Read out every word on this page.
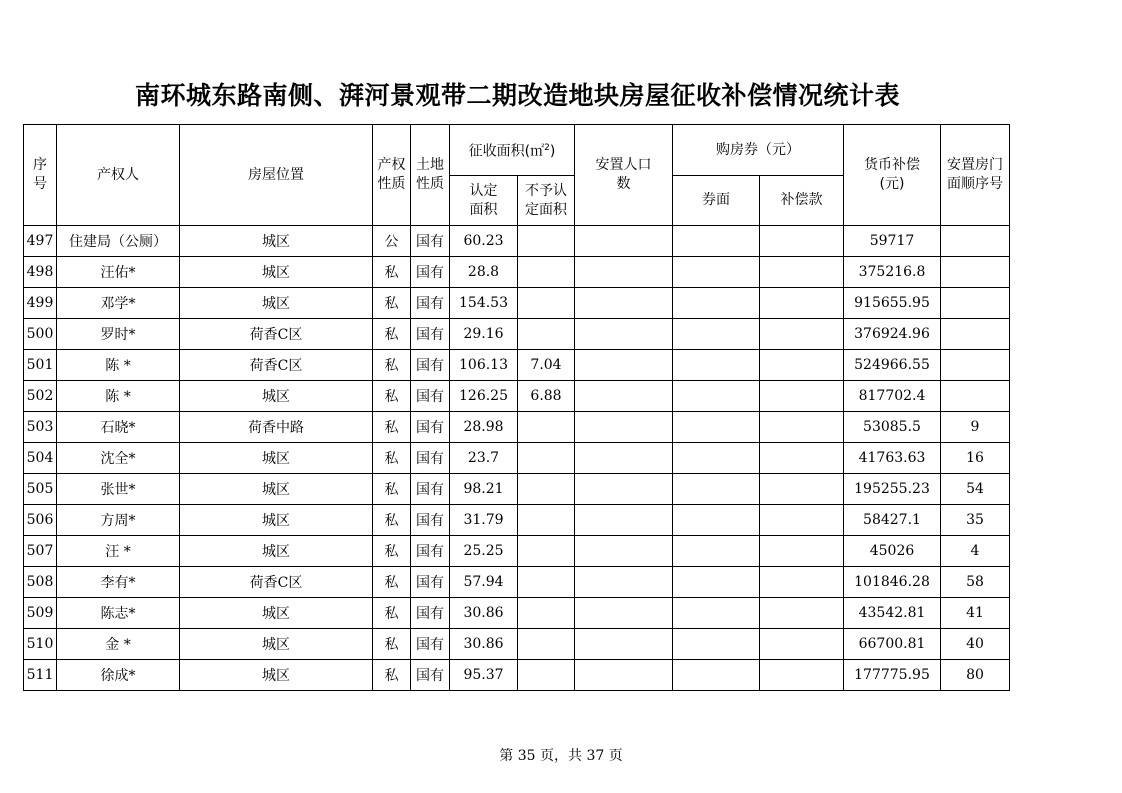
南环城东路南侧、湃河景观带二期改造地块房屋征收补偿情况统计表
序号	产权人	房屋位置	产权性质	土地性质	征收面积(㎡$^2$)		安置人口数	购房券（元）		货币补偿(元)	安置房门面顺序号
					认定面积	不予认定面积		券面	补偿款		
497	住建局（公厕）	城区	公	国有	60.23					59717	
498	汪佑*	城区	私	国有	28.8					375216.8	
499	邓学*	城区	私	国有	154.53					915655.95	
500	罗时*	荷香C区	私	国有	29.16					376924.96	
501	陈 *	荷香C区	私	国有	106.13	7.04				524966.55	
502	陈 *	城区	私	国有	126.25	6.88				817702.4	
503	石晓*	荷香中路	私	国有	28.98					53085.5	9
504	沈全*	城区	私	国有	23.7					41763.63	16
505	张世*	城区	私	国有	98.21					195255.23	54
506	方周*	城区	私	国有	31.79					58427.1	35
507	汪 *	城区	私	国有	25.25					45026	4
508	李有*	荷香C区	私	国有	57.94					101846.28	58
509	陈志*	城区	私	国有	30.86					43542.81	41
510	金 *	城区	私	国有	30.86					66700.81	40
511	徐成*	城区	私	国有	95.37					177775.95	80
第 35 页，共 37 页
